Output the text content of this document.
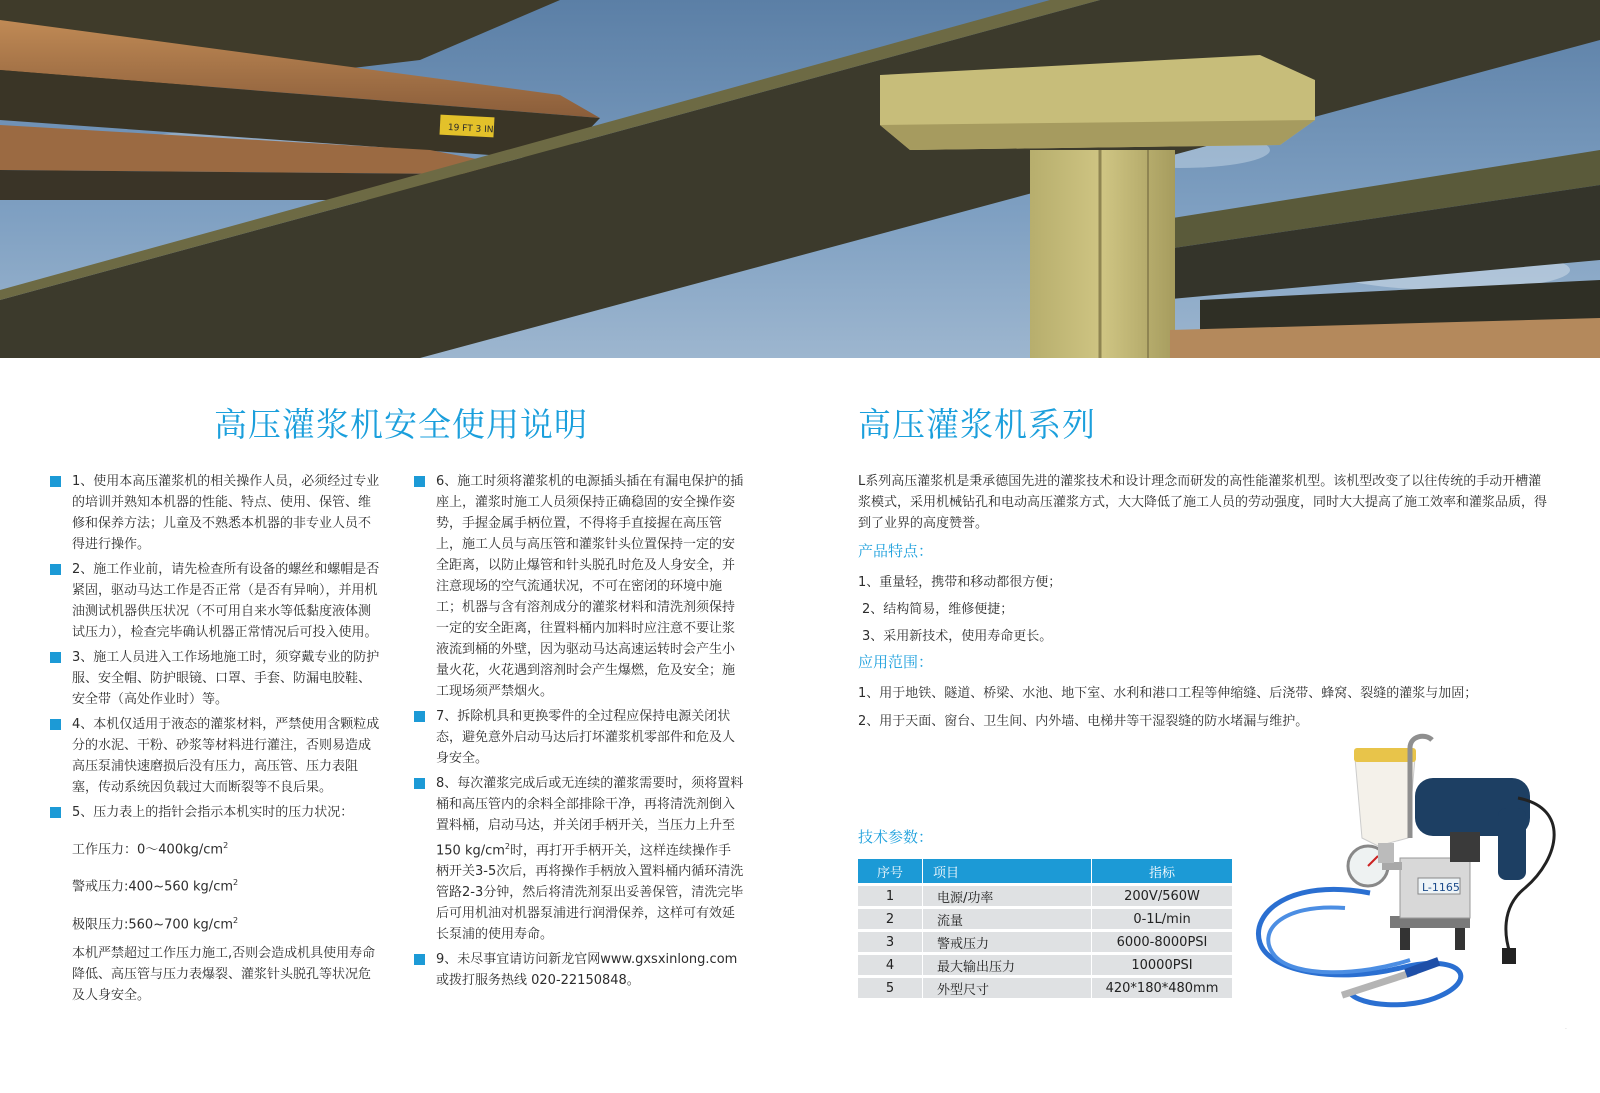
19 FT 3 IN
高压灌浆机安全使用说明
1、使用本高压灌浆机的相关操作人员，必须经过专业的培训并熟知本机器的性能、特点、使用、保管、维修和保养方法；儿童及不熟悉本机器的非专业人员不得进行操作。
2、施工作业前，请先检查所有设备的螺丝和螺帽是否紧固，驱动马达工作是否正常（是否有异响），并用机油测试机器供压状况（不可用自来水等低黏度液体测试压力），检查完毕确认机器正常情况后可投入使用。
3、施工人员进入工作场地施工时，须穿戴专业的防护服、安全帽、防护眼镜、口罩、手套、防漏电胶鞋、安全带（高处作业时）等。
4、本机仅适用于液态的灌浆材料，严禁使用含颗粒成分的水泥、干粉、砂浆等材料进行灌注，否则易造成高压泵浦快速磨损后没有压力，高压管、压力表阻塞，传动系统因负载过大而断裂等不良后果。
5、压力表上的指针会指示本机实时的压力状况：
工作压力：$0\sim 400kg/cm^2$
警戒压力:400~560 $kg/cm^2$
极限压力:560~700 $kg/cm^2$
本机严禁超过工作压力施工,否则会造成机具使用寿命降低、高压管与压力表爆裂、灌浆针头脱孔等状况危及人身安全。
6、施工时须将灌浆机的电源插头插在有漏电保护的插座上，灌浆时施工人员须保持正确稳固的安全操作姿势，手握金属手柄位置，不得将手直接握在高压管上，施工人员与高压管和灌浆针头位置保持一定的安全距离，以防止爆管和针头脱孔时危及人身安全，并注意现场的空气流通状况，不可在密闭的环境中施工；机器与含有溶剂成分的灌浆材料和清洗剂须保持一定的安全距离，往置料桶内加料时应注意不要让浆液流到桶的外壁，因为驱动马达高速运转时会产生小量火花，火花遇到溶剂时会产生爆燃，危及安全；施工现场须严禁烟火。
7、拆除机具和更换零件的全过程应保持电源关闭状态，避免意外启动马达后打坏灌浆机零部件和危及人身安全。
8、每次灌浆完成后或无连续的灌浆需要时，须将置料桶和高压管内的余料全部排除干净，再将清洗剂倒入置料桶，启动马达，并关闭手柄开关，当压力上升至150 $kg/cm^2$时，再打开手柄开关，这样连续操作手柄开关3-5次后，再将操作手柄放入置料桶内循环清洗管路2-3分钟，然后将清洗剂泵出妥善保管，清洗完毕后可用机油对机器泵浦进行润滑保养，这样可有效延长泵浦的使用寿命。
9、未尽事宜请访问新龙官网www.gxsxinlong.com或拨打服务热线 020-22150848。
高压灌浆机系列
L系列高压灌浆机是秉承德国先进的灌浆技术和设计理念而研发的高性能灌浆机型。该机型改变了以往传统的手动开槽灌浆模式，采用机械钻孔和电动高压灌浆方式，大大降低了施工人员的劳动强度，同时大大提高了施工效率和灌浆品质，得到了业界的高度赞誉。
产品特点：
1、重量轻，携带和移动都很方便；
2、结构简易，维修便捷；
3、采用新技术，使用寿命更长。
应用范围：
1、用于地铁、隧道、桥梁、水池、地下室、水利和港口工程等伸缩缝、后浇带、蜂窝、裂缝的灌浆与加固；
2、用于天面、窗台、卫生间、内外墙、电梯井等干湿裂缝的防水堵漏与维护。
技术参数：
序号	项目	指标
1	电源/功率	200V/560W
2	流量	0-1L/min
3	警戒压力	6000-8000PSI
4	最大输出压力	10000PSI
5	外型尺寸	420*180*480mm
L-1165
·
